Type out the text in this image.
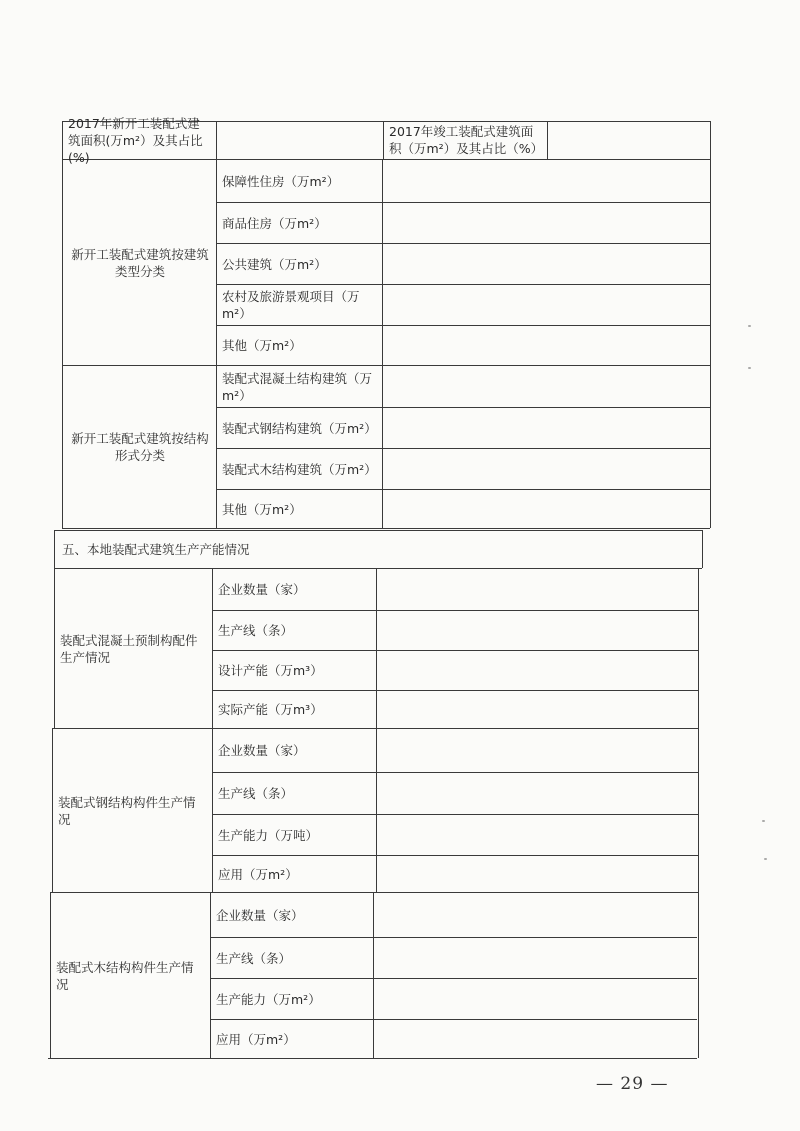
2017年新开工装配式建筑面积(万m²）及其占比(%)
2017年竣工装配式建筑面积（万m²）及其占比（%）
新开工装配式建筑按建筑类型分类
保障性住房（万m²）
商品住房（万m²）
公共建筑（万m²）
农村及旅游景观项目（万m²）
其他（万m²）
新开工装配式建筑按结构形式分类
装配式混凝土结构建筑（万m²）
装配式钢结构建筑（万m²）
装配式木结构建筑（万m²）
其他（万m²）
五、本地装配式建筑生产产能情况
装配式混凝土预制构配件生产情况
企业数量（家）
生产线（条）
设计产能（万m³）
实际产能（万m³）
装配式钢结构构件生产情况
企业数量（家）
生产线（条）
生产能力（万吨）
应用（万m²）
装配式木结构构件生产情况
企业数量（家）
生产线（条）
生产能力（万m²）
应用（万m²）
— 29 —
